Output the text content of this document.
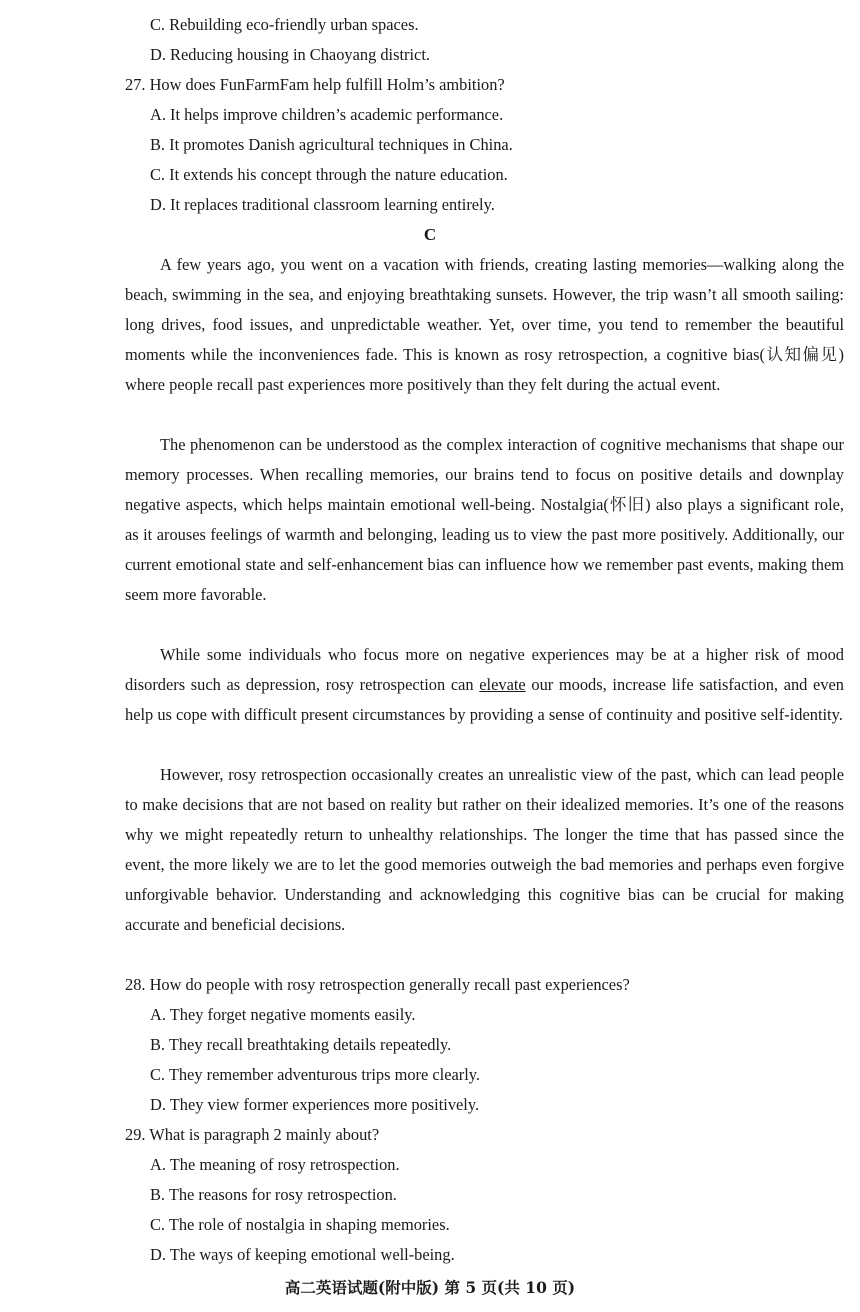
C. Rebuilding eco-friendly urban spaces.
D. Reducing housing in Chaoyang district.
27. How does FunFarmFam help fulfill Holm’s ambition?
A. It helps improve children’s academic performance.
B. It promotes Danish agricultural techniques in China.
C. It extends his concept through the nature education.
D. It replaces traditional classroom learning entirely.
C
A few years ago, you went on a vacation with friends, creating lasting memories—walking along the beach, swimming in the sea, and enjoying breathtaking sunsets. However, the trip wasn’t all smooth sailing: long drives, food issues, and unpredictable weather. Yet, over time, you tend to remember the beautiful moments while the inconveniences fade. This is known as rosy retrospection, a cognitive bias(认知偏见) where people recall past experiences more positively than they felt during the actual event.
The phenomenon can be understood as the complex interaction of cognitive mechanisms that shape our memory processes. When recalling memories, our brains tend to focus on positive details and downplay negative aspects, which helps maintain emotional well-being. Nostalgia(怀旧) also plays a significant role, as it arouses feelings of warmth and belonging, leading us to view the past more positively. Additionally, our current emotional state and self-enhancement bias can influence how we remember past events, making them seem more favorable.
While some individuals who focus more on negative experiences may be at a higher risk of mood disorders such as depression, rosy retrospection can elevate our moods, increase life satisfaction, and even help us cope with difficult present circumstances by providing a sense of continuity and positive self-identity.
However, rosy retrospection occasionally creates an unrealistic view of the past, which can lead people to make decisions that are not based on reality but rather on their idealized memories. It’s one of the reasons why we might repeatedly return to unhealthy relationships. The longer the time that has passed since the event, the more likely we are to let the good memories outweigh the bad memories and perhaps even forgive unforgivable behavior. Understanding and acknowledging this cognitive bias can be crucial for making accurate and beneficial decisions.
28. How do people with rosy retrospection generally recall past experiences?
A. They forget negative moments easily.
B. They recall breathtaking details repeatedly.
C. They remember adventurous trips more clearly.
D. They view former experiences more positively.
29. What is paragraph 2 mainly about?
A. The meaning of rosy retrospection.
B. The reasons for rosy retrospection.
C. The role of nostalgia in shaping memories.
D. The ways of keeping emotional well-being.
高二英语试题(附中版) 第 5 页(共 10 页)
